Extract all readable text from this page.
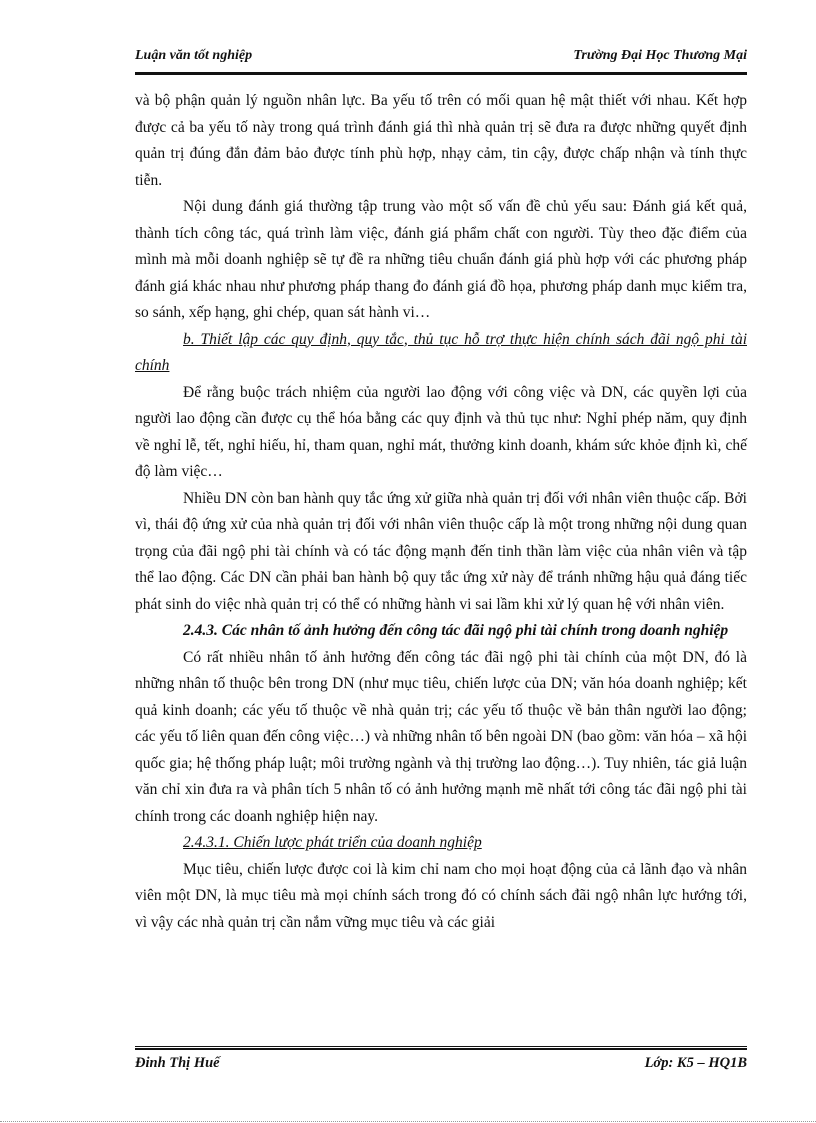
Luận văn tốt nghiệp	Trường Đại Học Thương Mại

và bộ phận quản lý nguồn nhân lực. Ba yếu tố trên có mối quan hệ mật thiết với nhau. Kết hợp được cả ba yếu tố này trong quá trình đánh giá thì nhà quản trị sẽ đưa ra được những quyết định quản trị đúng đắn đảm bảo được tính phù hợp, nhạy cảm, tin cậy, được chấp nhận và tính thực tiễn.

Nội dung đánh giá thường tập trung vào một số vấn đề chủ yếu sau: Đánh giá kết quả, thành tích công tác, quá trình làm việc, đánh giá phẩm chất con người. Tùy theo đặc điểm của mình mà mỗi doanh nghiệp sẽ tự đề ra những tiêu chuẩn đánh giá phù hợp với các phương pháp đánh giá khác nhau như phương pháp thang đo đánh giá đồ họa, phương pháp danh mục kiểm tra, so sánh, xếp hạng, ghi chép, quan sát hành vi…

b. Thiết lập các quy định, quy tắc, thủ tục hỗ trợ thực hiện chính sách đãi ngộ phi tài chính

Để rằng buộc trách nhiệm của người lao động với công việc và DN, các quyền lợi của người lao động cần được cụ thể hóa bằng các quy định và thủ tục như: Nghỉ phép năm, quy định về nghỉ lễ, tết, nghỉ hiếu, hỉ, tham quan, nghỉ mát, thưởng kinh doanh, khám sức khỏe định kì, chế độ làm việc…

Nhiều DN còn ban hành quy tắc ứng xử giữa nhà quản trị đối với nhân viên thuộc cấp. Bởi vì, thái độ ứng xử của nhà quản trị đối với nhân viên thuộc cấp là một trong những nội dung quan trọng của đãi ngộ phi tài chính và có tác động mạnh đến tinh thần làm việc của nhân viên và tập thể lao động. Các DN cần phải ban hành bộ quy tắc ứng xử này để tránh những hậu quả đáng tiếc phát sinh do việc nhà quản trị có thể có những hành vi sai lầm khi xử lý quan hệ với nhân viên.

2.4.3. Các nhân tố ảnh hưởng đến công tác đãi ngộ phi tài chính trong doanh nghiệp

Có rất nhiều nhân tố ảnh hưởng đến công tác đãi ngộ phi tài chính của một DN, đó là những nhân tố thuộc bên trong DN (như mục tiêu, chiến lược của DN; văn hóa doanh nghiệp; kết quả kinh doanh; các yếu tố thuộc về nhà quản trị; các yếu tố thuộc về bản thân người lao động; các yếu tố liên quan đến công việc…) và những nhân tố bên ngoài DN (bao gồm: văn hóa – xã hội quốc gia; hệ thống pháp luật; môi trường ngành và thị trường lao động…). Tuy nhiên, tác giả luận văn chỉ xin đưa ra và phân tích 5 nhân tố có ảnh hưởng mạnh mẽ nhất tới công tác đãi ngộ phi tài chính trong các doanh nghiệp hiện nay.

2.4.3.1. Chiến lược phát triển của doanh nghiệp

Mục tiêu, chiến lược được coi là kim chỉ nam cho mọi hoạt động của cả lãnh đạo và nhân viên một DN, là mục tiêu mà mọi chính sách trong đó có chính sách đãi ngộ nhân lực hướng tới, vì vậy các nhà quản trị cần nắm vững mục tiêu và các giải

Đinh Thị Huế	Lớp: K5 – HQ1B
